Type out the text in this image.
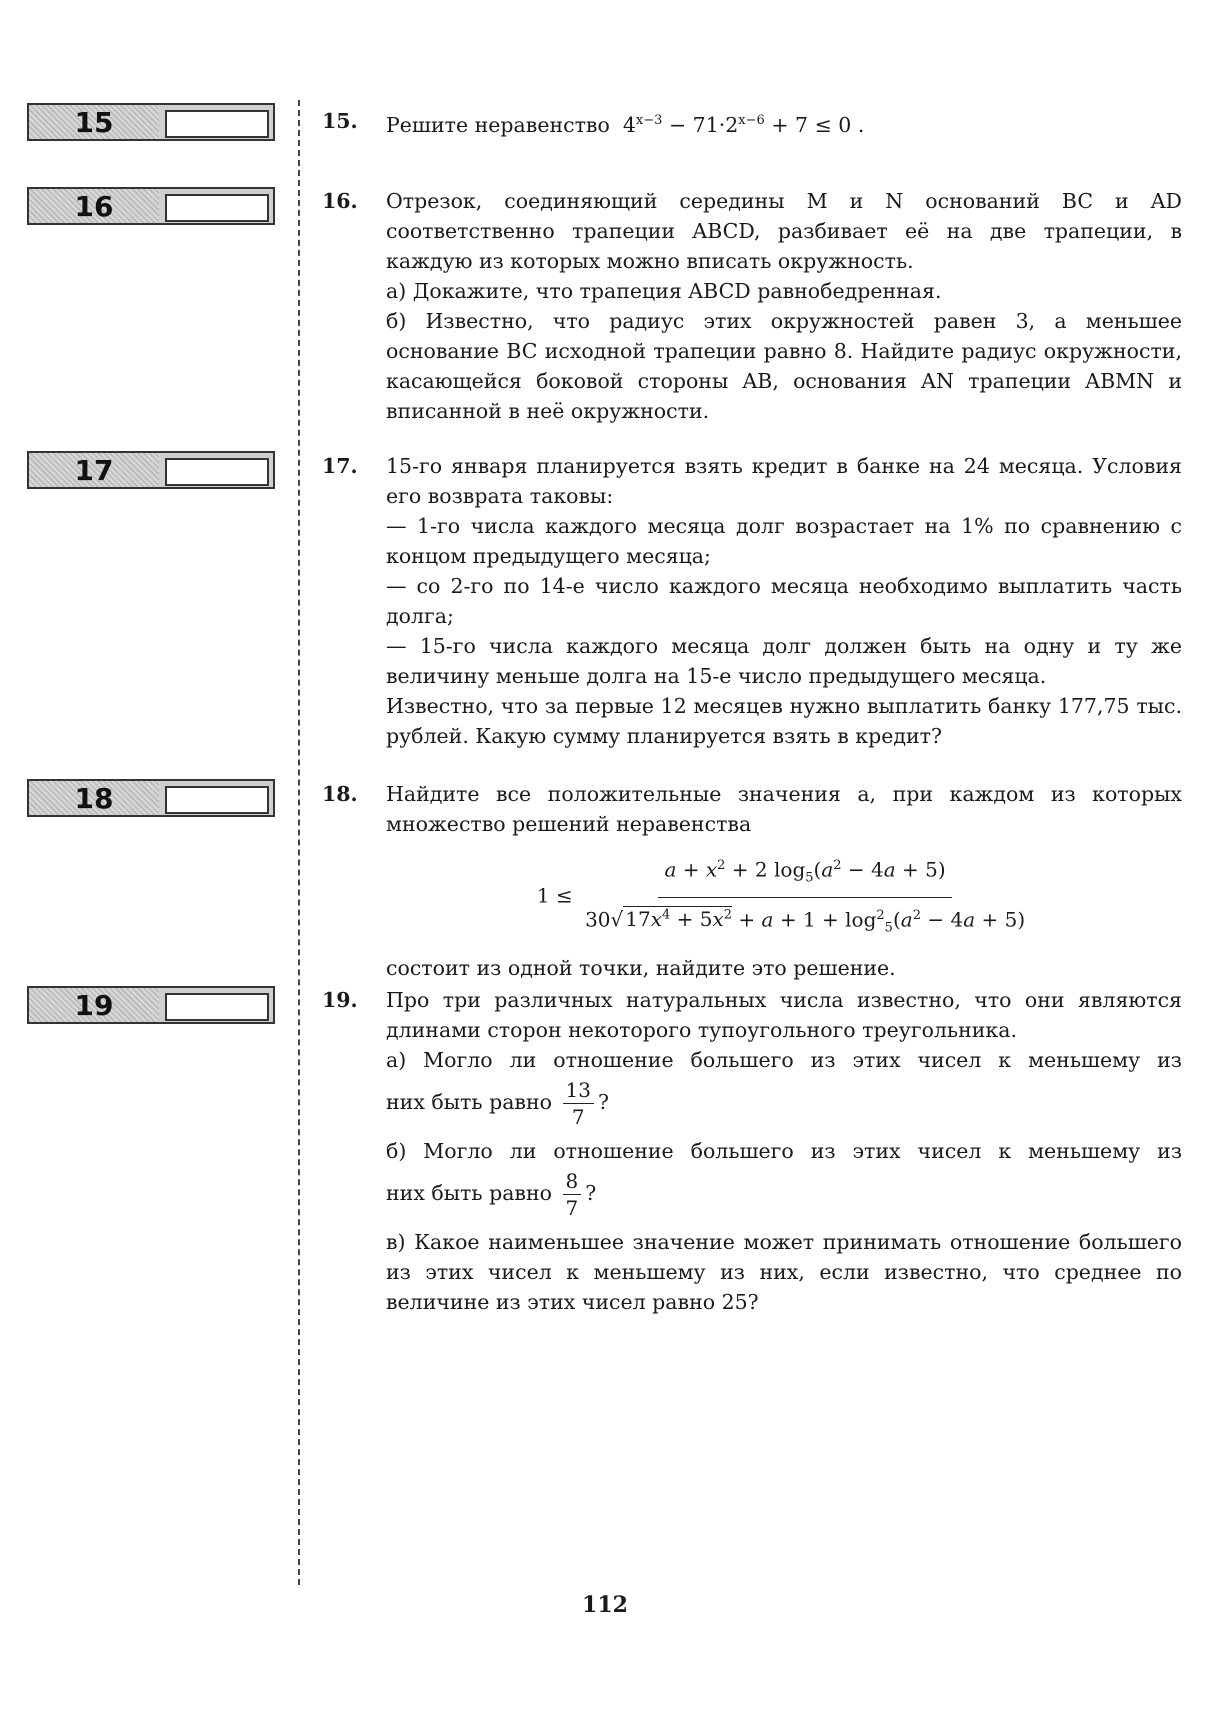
15
16
17
18
19
15. Решите неравенство  $4^{x-3} - 71\cdot 2^{x-6} + 7 \le 0$ .

16. Отрезок, соединяющий середины M и N оснований BC и AD соответственно трапеции ABCD, разбивает её на две трапеции, в каждую из которых можно вписать окружность.

а) Докажите, что трапеция ABCD равнобедренная.

б) Известно, что радиус этих окружностей равен 3, а меньшее основание BC исходной трапеции равно 8. Найдите радиус окружности, касающейся боковой стороны AB, основания AN трапеции ABMN и вписанной в неё окружности.

17. 15-го января планируется взять кредит в банке на 24 месяца. Условия его возврата таковы:

— 1-го числа каждого месяца долг возрастает на 1% по сравнению с концом предыдущего месяца;

— со 2-го по 14-е число каждого месяца необходимо выплатить часть долга;

— 15-го числа каждого месяца долг должен быть на одну и ту же величину меньше долга на 15-е число предыдущего месяца.

Известно, что за первые 12 месяцев нужно выплатить банку 177,75 тыс. рублей. Какую сумму планируется взять в кредит?

18. Найдите все положительные значения a, при каждом из которых множество решений неравенства

$1 \le \frac{a + x^2 + 2 \log_5(a^2 - 4a + 5)}{30√ 17x^4 + 5x^2 + a + 1 + \log^2_5(a^2 - 4a + 5)}$

состоит из одной точки, найдите это решение.

19. Про три различных натуральных числа известно, что они являются длинами сторон некоторого тупоугольного треугольника.

а) Могло ли отношение большего из этих чисел к меньшему из

них быть равно $\frac{13}{7}$ ?

б) Могло ли отношение большего из этих чисел к меньшему из

них быть равно $\frac{8}{7}$ ?

в) Какое наименьшее значение может принимать отношение большего из этих чисел к меньшему из них, если известно, что среднее по величине из этих чисел равно 25?

112
